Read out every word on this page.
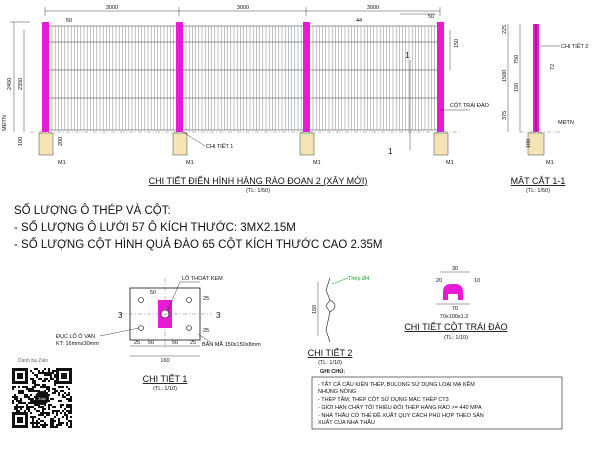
3000	3000	3000
50	44
50
M1	M1	M1	M1
2450 2350
100	200
MĐTN
150
1
1
CỘT TRÁI ĐÀO
CHI TIẾT 1
CHI TIẾT ĐIỂN HÌNH HÀNG RÀO ĐOẠN 2 (XÂY MỚI)
(TL: 1/50)
M1
225
750
1500
150
375
72
100
MĐTN
CHI TIẾT 2
MẶT CẮT 1-1
(TL: 1/50)
SỐ LƯỢNG Ô THÉP VÀ CỘT:
- SỐ LƯỢNG Ô LƯỚI 57 Ô KÍCH THƯỚC: 3MX2.15M
- SỐ LƯỢNG CỘT HÌNH QUẢ ĐÀO 65 CỘT KÍCH THƯỚC CAO 2.35M
LỖ THOÁT KEM
3	3
50
ĐỤC LỖ Ô VAN
KT: 16mmx30mm	25 50	50 25
160
25
25
BẢN MÃ 150x150x8mm
CHI TIẾT 1
(TL: 1/10)
150
Thép Ø4
CHI TIẾT 2
(TL: 1/10)
30
20	10
70
70x100x1.2
CHI TIẾT CỘT TRÁI ĐÀO
(TL: 1/10)
GHI CHÚ:
- TẤT CẢ CẤU KIỆN THÉP, BULONG SỬ DỤNG LOẠI MẠ KẼM
NHÚNG NÓNG
- THÉP TẤM, THÉP CỘT SỬ DỤNG MÁC THÉP CT3
- GIỚI HẠN CHẢY TỐI THIỂU ĐỐI THÉP HÀNG RÀO >= 440 MPA
- NHÀ THẦU CÓ THỂ ĐỀ XUẤT QUY CÁCH PHÙ HỢP THEO SẢN
XUẤT CỦA NHÀ THẦU
Danh bạ Zalo
Zalo
